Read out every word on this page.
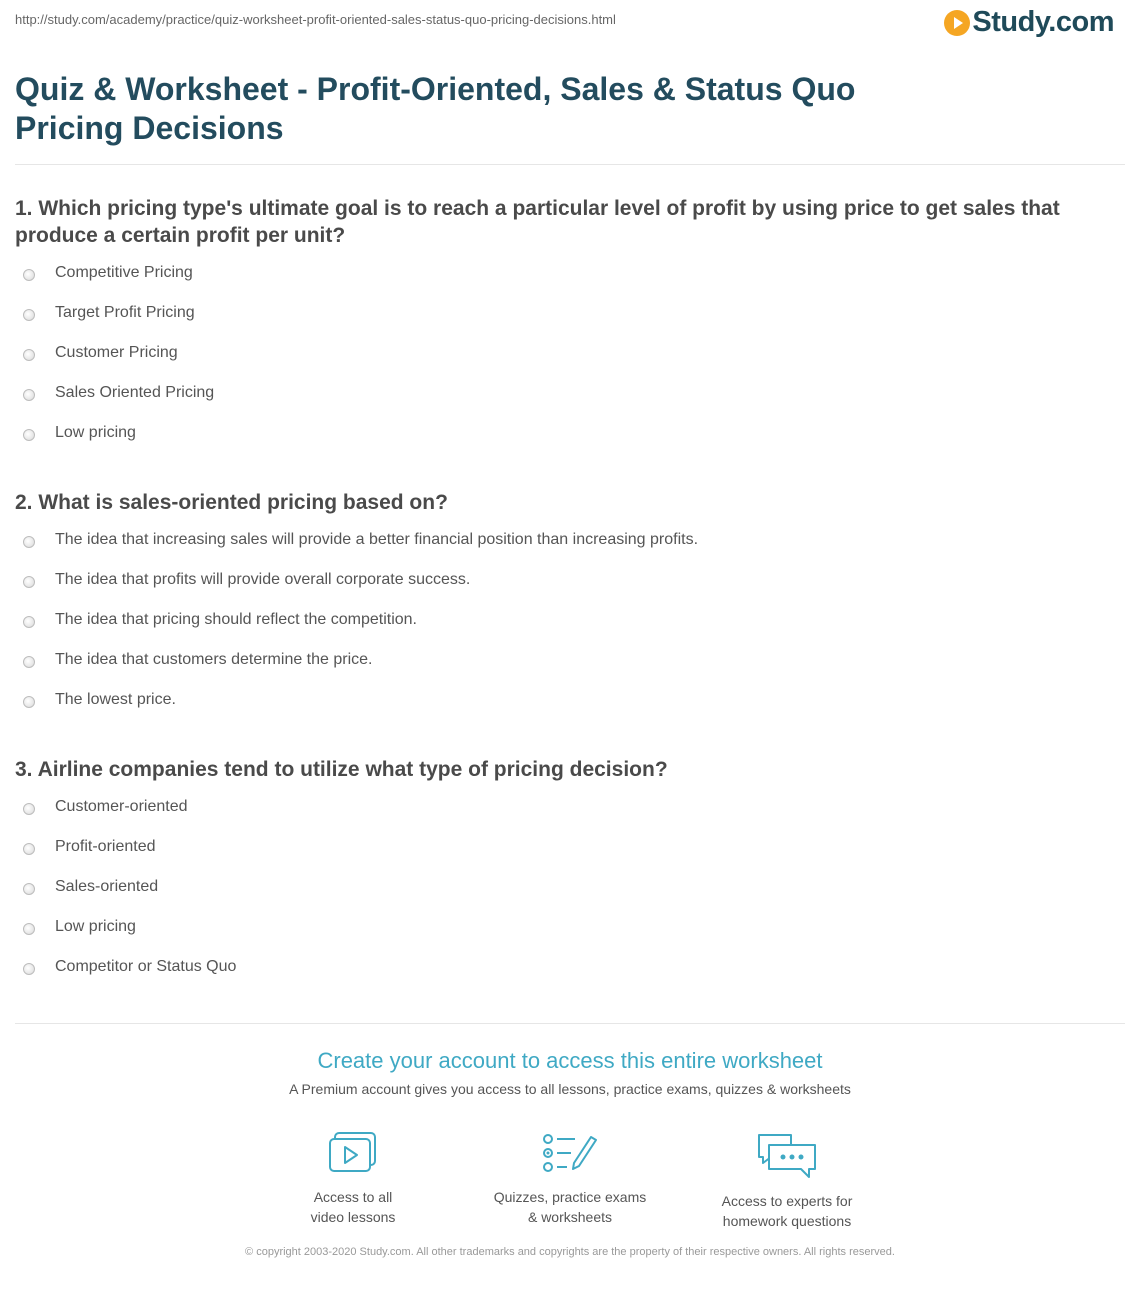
http://study.com/academy/practice/quiz-worksheet-profit-oriented-sales-status-quo-pricing-decisions.html	Study.com
Quiz & Worksheet - Profit-Oriented, Sales & Status Quo Pricing Decisions
1. Which pricing type's ultimate goal is to reach a particular level of profit by using price to get sales that produce a certain profit per unit?
Competitive Pricing
Target Profit Pricing
Customer Pricing
Sales Oriented Pricing
Low pricing
2. What is sales-oriented pricing based on?
The idea that increasing sales will provide a better financial position than increasing profits.
The idea that profits will provide overall corporate success.
The idea that pricing should reflect the competition.
The idea that customers determine the price.
The lowest price.
3. Airline companies tend to utilize what type of pricing decision?
Customer-oriented
Profit-oriented
Sales-oriented
Low pricing
Competitor or Status Quo
Create your account to access this entire worksheet
A Premium account gives you access to all lessons, practice exams, quizzes & worksheets
Access to all
video lessons
Quizzes, practice exams
& worksheets
Access to experts for
homework questions
© copyright 2003-2020 Study.com. All other trademarks and copyrights are the property of their respective owners. All rights reserved.
